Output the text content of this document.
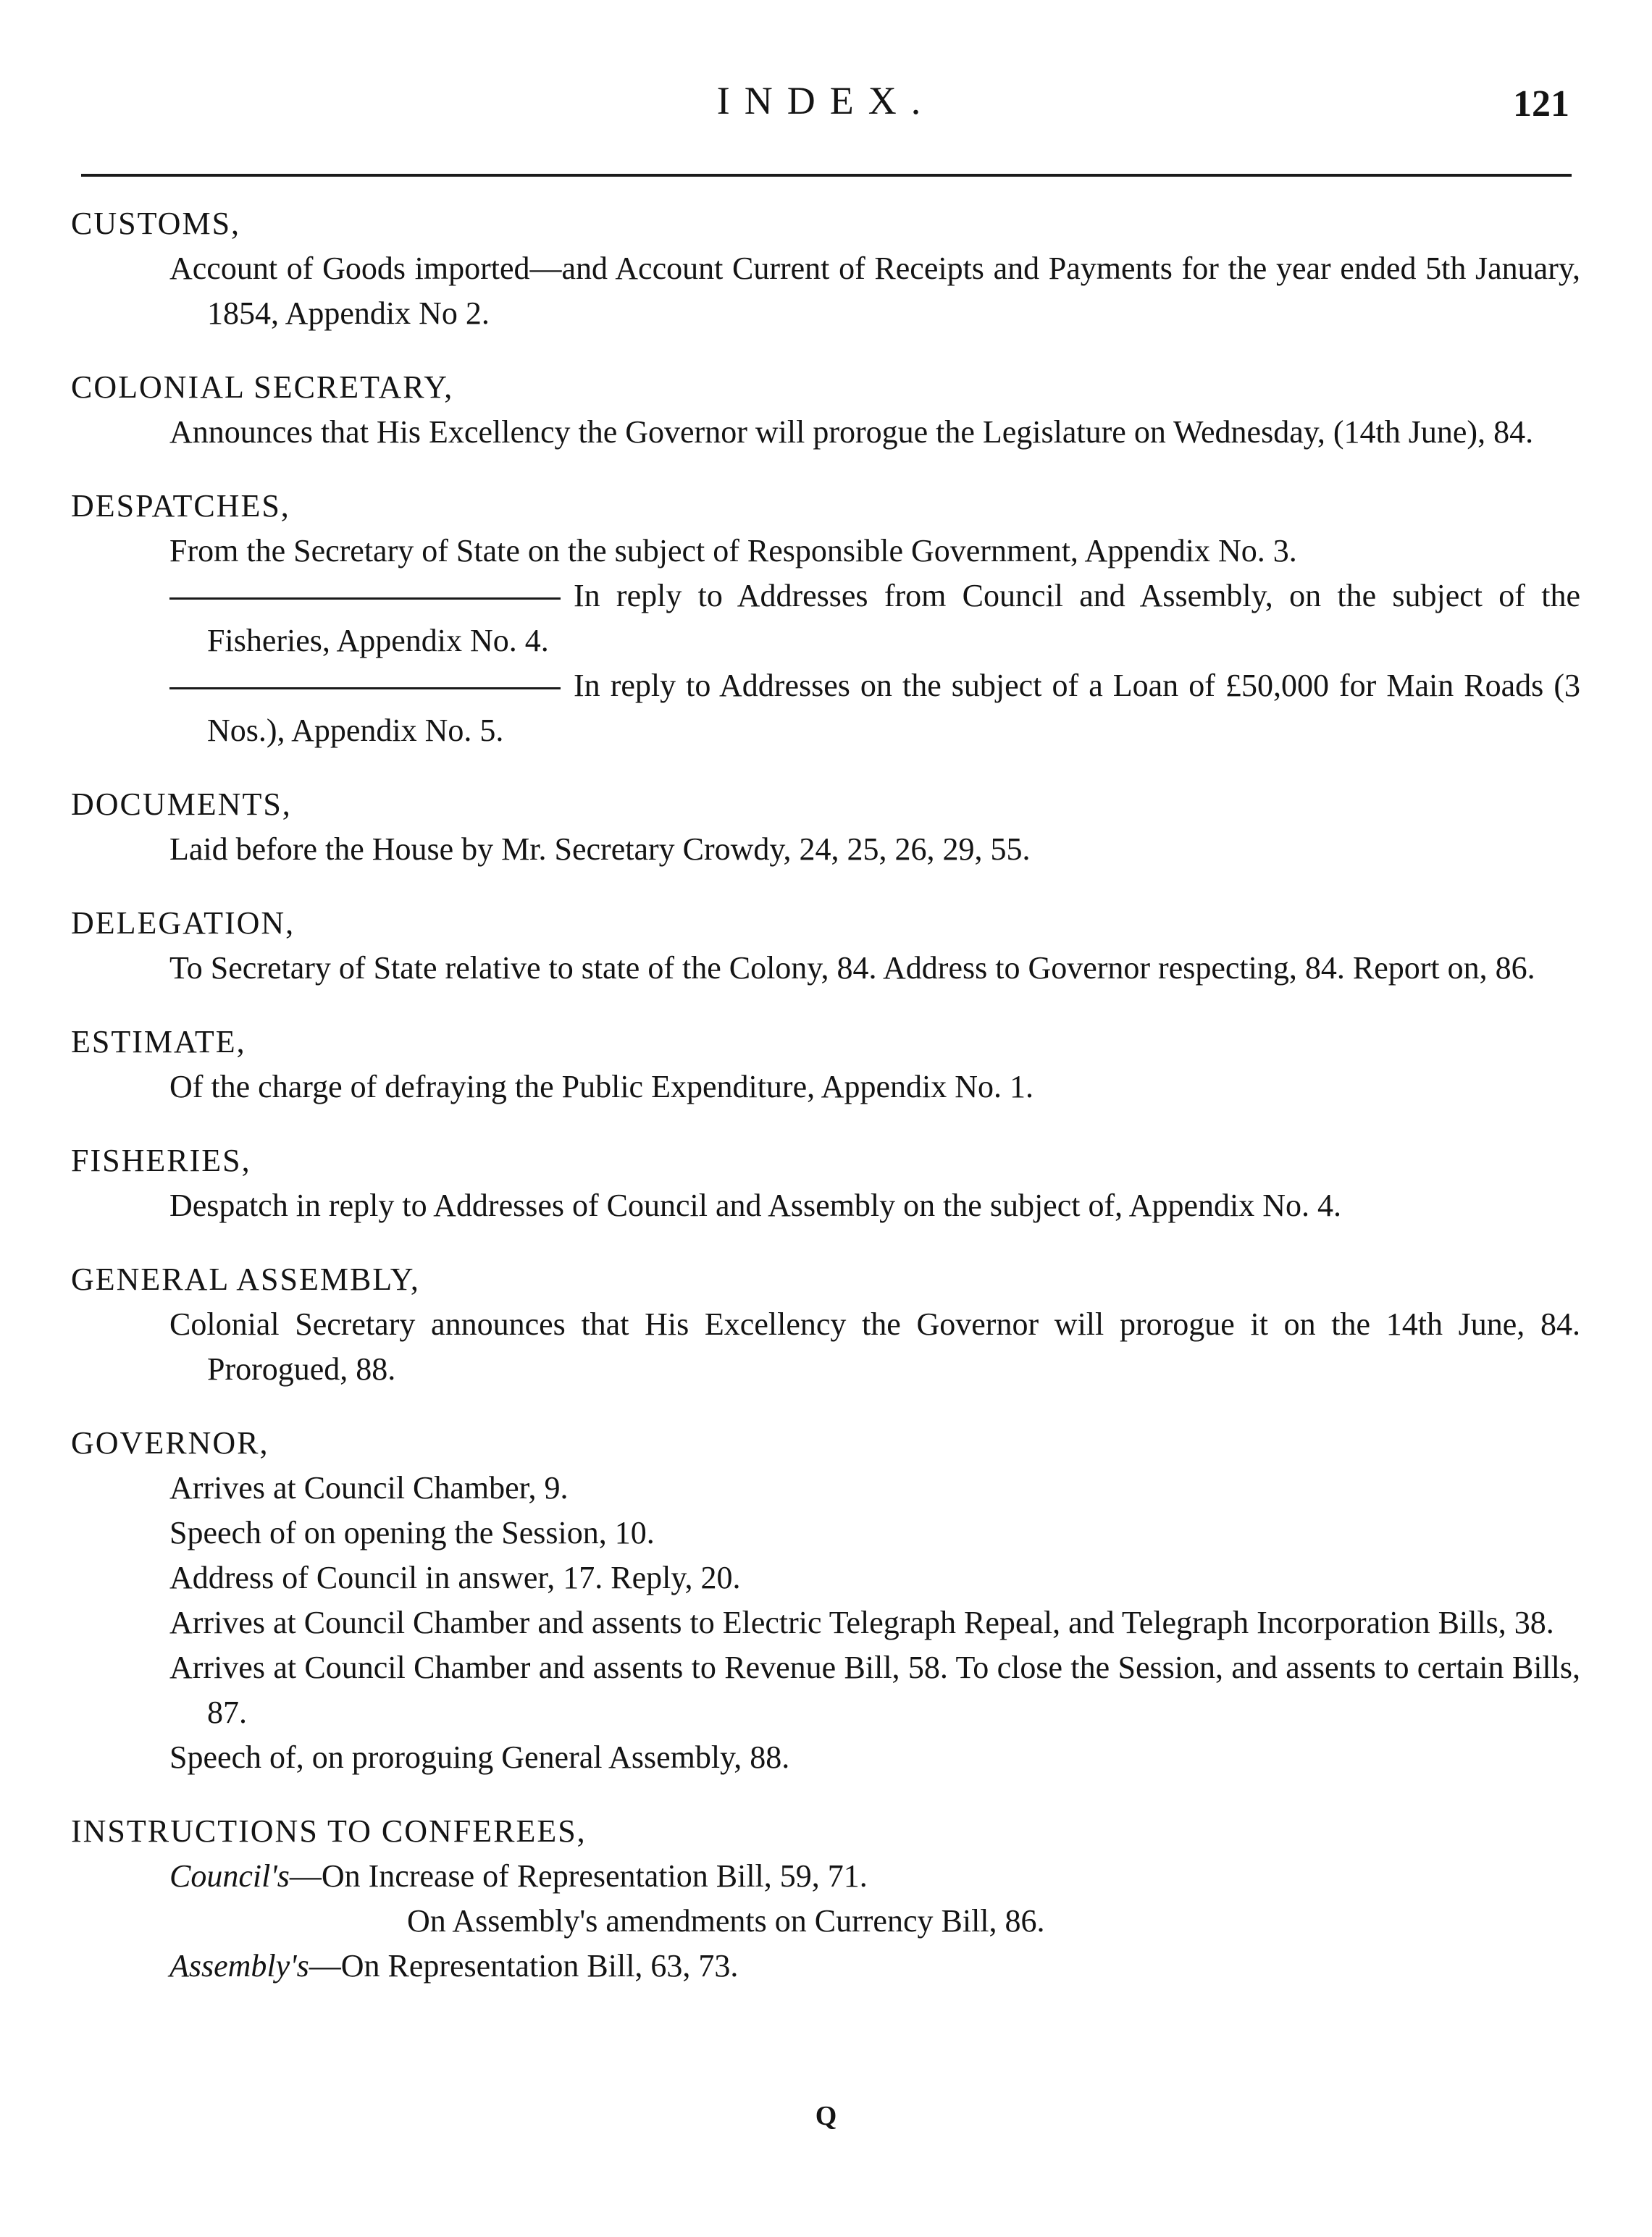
INDEX.	121
CUSTOMS,
Account of Goods imported—and Account Current of Receipts and Payments for the year ended 5th January, 1854, Appendix No 2.
COLONIAL SECRETARY,
Announces that His Excellency the Governor will prorogue the Legislature on Wednesday, (14th June), 84.
DESPATCHES,
From the Secretary of State on the subject of Responsible Government, Appendix No. 3.
In reply to Addresses from Council and Assembly, on the subject of the Fisheries, Appendix No. 4.
In reply to Addresses on the subject of a Loan of £50,000 for Main Roads (3 Nos.), Appendix No. 5.
DOCUMENTS,
Laid before the House by Mr. Secretary Crowdy, 24, 25, 26, 29, 55.
DELEGATION,
To Secretary of State relative to state of the Colony, 84. Address to Governor respecting, 84. Report on, 86.
ESTIMATE,
Of the charge of defraying the Public Expenditure, Appendix No. 1.
FISHERIES,
Despatch in reply to Addresses of Council and Assembly on the subject of, Appendix No. 4.
GENERAL ASSEMBLY,
Colonial Secretary announces that His Excellency the Governor will prorogue it on the 14th June, 84. Prorogued, 88.
GOVERNOR,
Arrives at Council Chamber, 9.
Speech of on opening the Session, 10.
Address of Council in answer, 17. Reply, 20.
Arrives at Council Chamber and assents to Electric Telegraph Repeal, and Telegraph Incorporation Bills, 38.
Arrives at Council Chamber and assents to Revenue Bill, 58. To close the Session, and assents to certain Bills, 87.
Speech of, on proroguing General Assembly, 88.
INSTRUCTIONS TO CONFEREES,
Council's—On Increase of Representation Bill, 59, 71.
On Assembly's amendments on Currency Bill, 86.
Assembly's—On Representation Bill, 63, 73.
Q
